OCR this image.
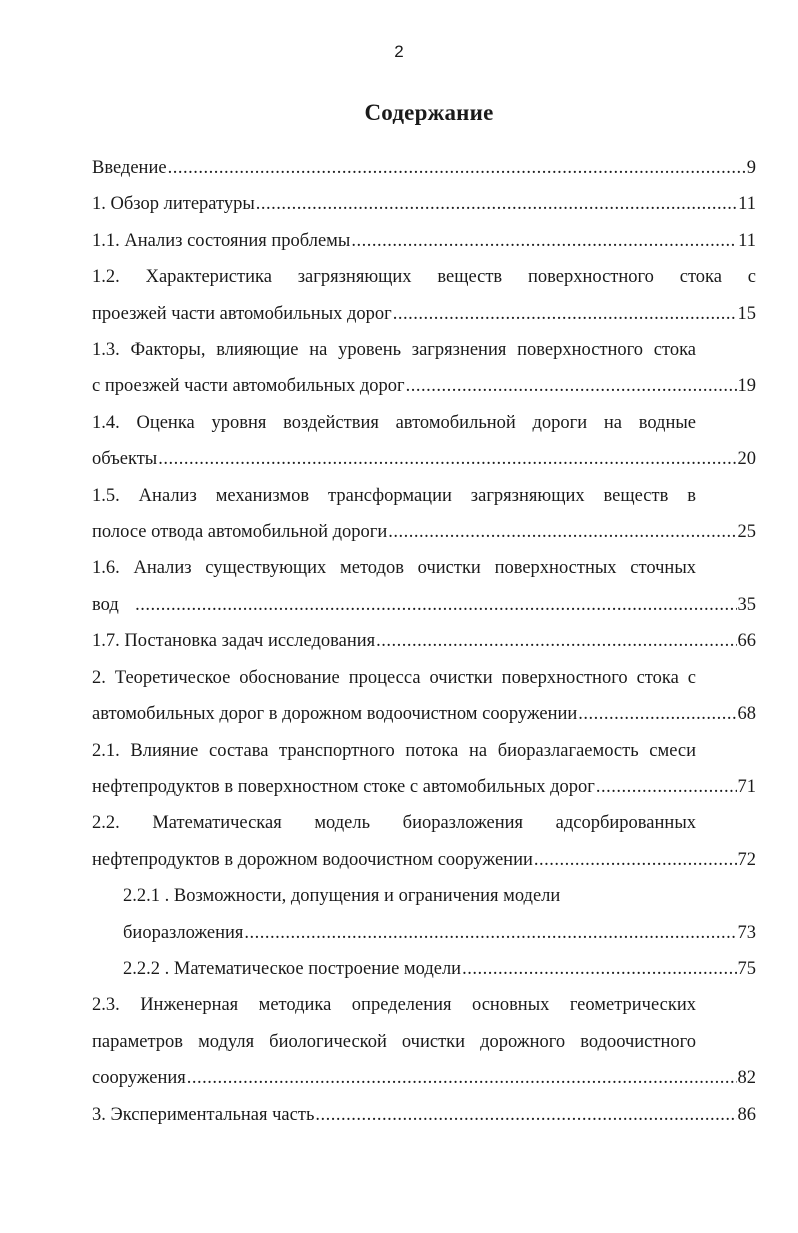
2
Содержание
Введение .....	9
1. Обзор литературы .....	11
1.1. Анализ состояния проблемы .....	11
1.2. Характеристика загрязняющих веществ поверхностного стока с
проезжей части автомобильных дорог .....	15
1.3. Факторы, влияющие на уровень загрязнения поверхностного стока
с проезжей части автомобильных дорог .....	19
1.4. Оценка уровня воздействия автомобильной дороги на водные
объекты .....	20
1.5. Анализ механизмов трансформации загрязняющих веществ в
полосе отвода автомобильной дороги .....	25
1.6. Анализ существующих методов очистки поверхностных сточных
вод .....	35
1.7. Постановка задач исследования .....	66
2. Теоретическое обоснование процесса очистки поверхностного стока с
автомобильных дорог в дорожном водоочистном сооружении .....	68
2.1. Влияние состава транспортного потока на биоразлагаемость смеси
нефтепродуктов в поверхностном стоке с автомобильных дорог .....	71
2.2. Математическая модель биоразложения адсорбированных
нефтепродуктов в дорожном водоочистном сооружении .....	72
2.2.1 . Возможности, допущения и ограничения модели
биоразложения .....	73
2.2.2 . Математическое построение модели .....	75
2.3. Инженерная методика определения основных геометрических
параметров модуля биологической очистки дорожного водоочистного
сооружения .....	82
3. Экспериментальная часть .....	86
